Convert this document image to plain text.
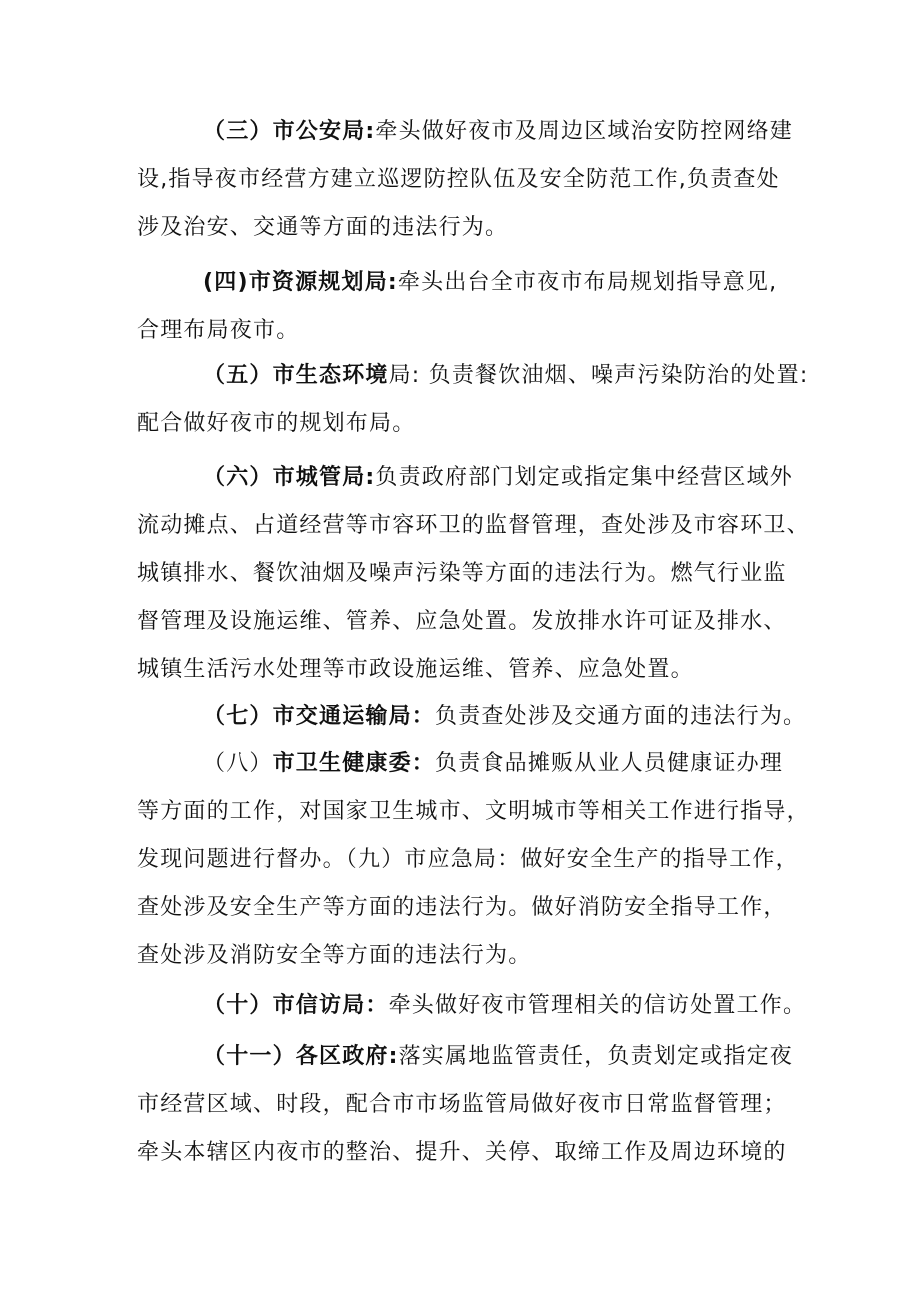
（三）市公安局:牵头做好夜市及周边区域治安防控网络建
设,指导夜市经营方建立巡逻防控队伍及安全防范工作,负责查处
涉及治安、交通等方面的违法行为。
(四)市资源规划局:牵头出台全市夜市布局规划指导意见,
合理布局夜市。
（五）市生态环境局: 负责餐饮油烟、噪声污染防治的处置:
配合做好夜市的规划布局。
（六）市城管局:负责政府部门划定或指定集中经营区域外
流动摊点、占道经营等市容环卫的监督管理，查处涉及市容环卫、
城镇排水、餐饮油烟及噪声污染等方面的违法行为。燃气行业监
督管理及设施运维、管养、应急处置。发放排水许可证及排水、
城镇生活污水处理等市政设施运维、管养、应急处置。
（七）市交通运输局：负责查处涉及交通方面的违法行为。
（八）市卫生健康委：负责食品摊贩从业人员健康证办理
等方面的工作，对国家卫生城市、文明城市等相关工作进行指导，
发现问题进行督办。（九）市应急局：做好安全生产的指导工作，
查处涉及安全生产等方面的违法行为。做好消防安全指导工作，
查处涉及消防安全等方面的违法行为。
（十）市信访局：牵头做好夜市管理相关的信访处置工作。
（十一）各区政府:落实属地监管责任，负责划定或指定夜
市经营区域、时段，配合市市场监管局做好夜市日常监督管理；
牵头本辖区内夜市的整治、提升、关停、取缔工作及周边环境的
